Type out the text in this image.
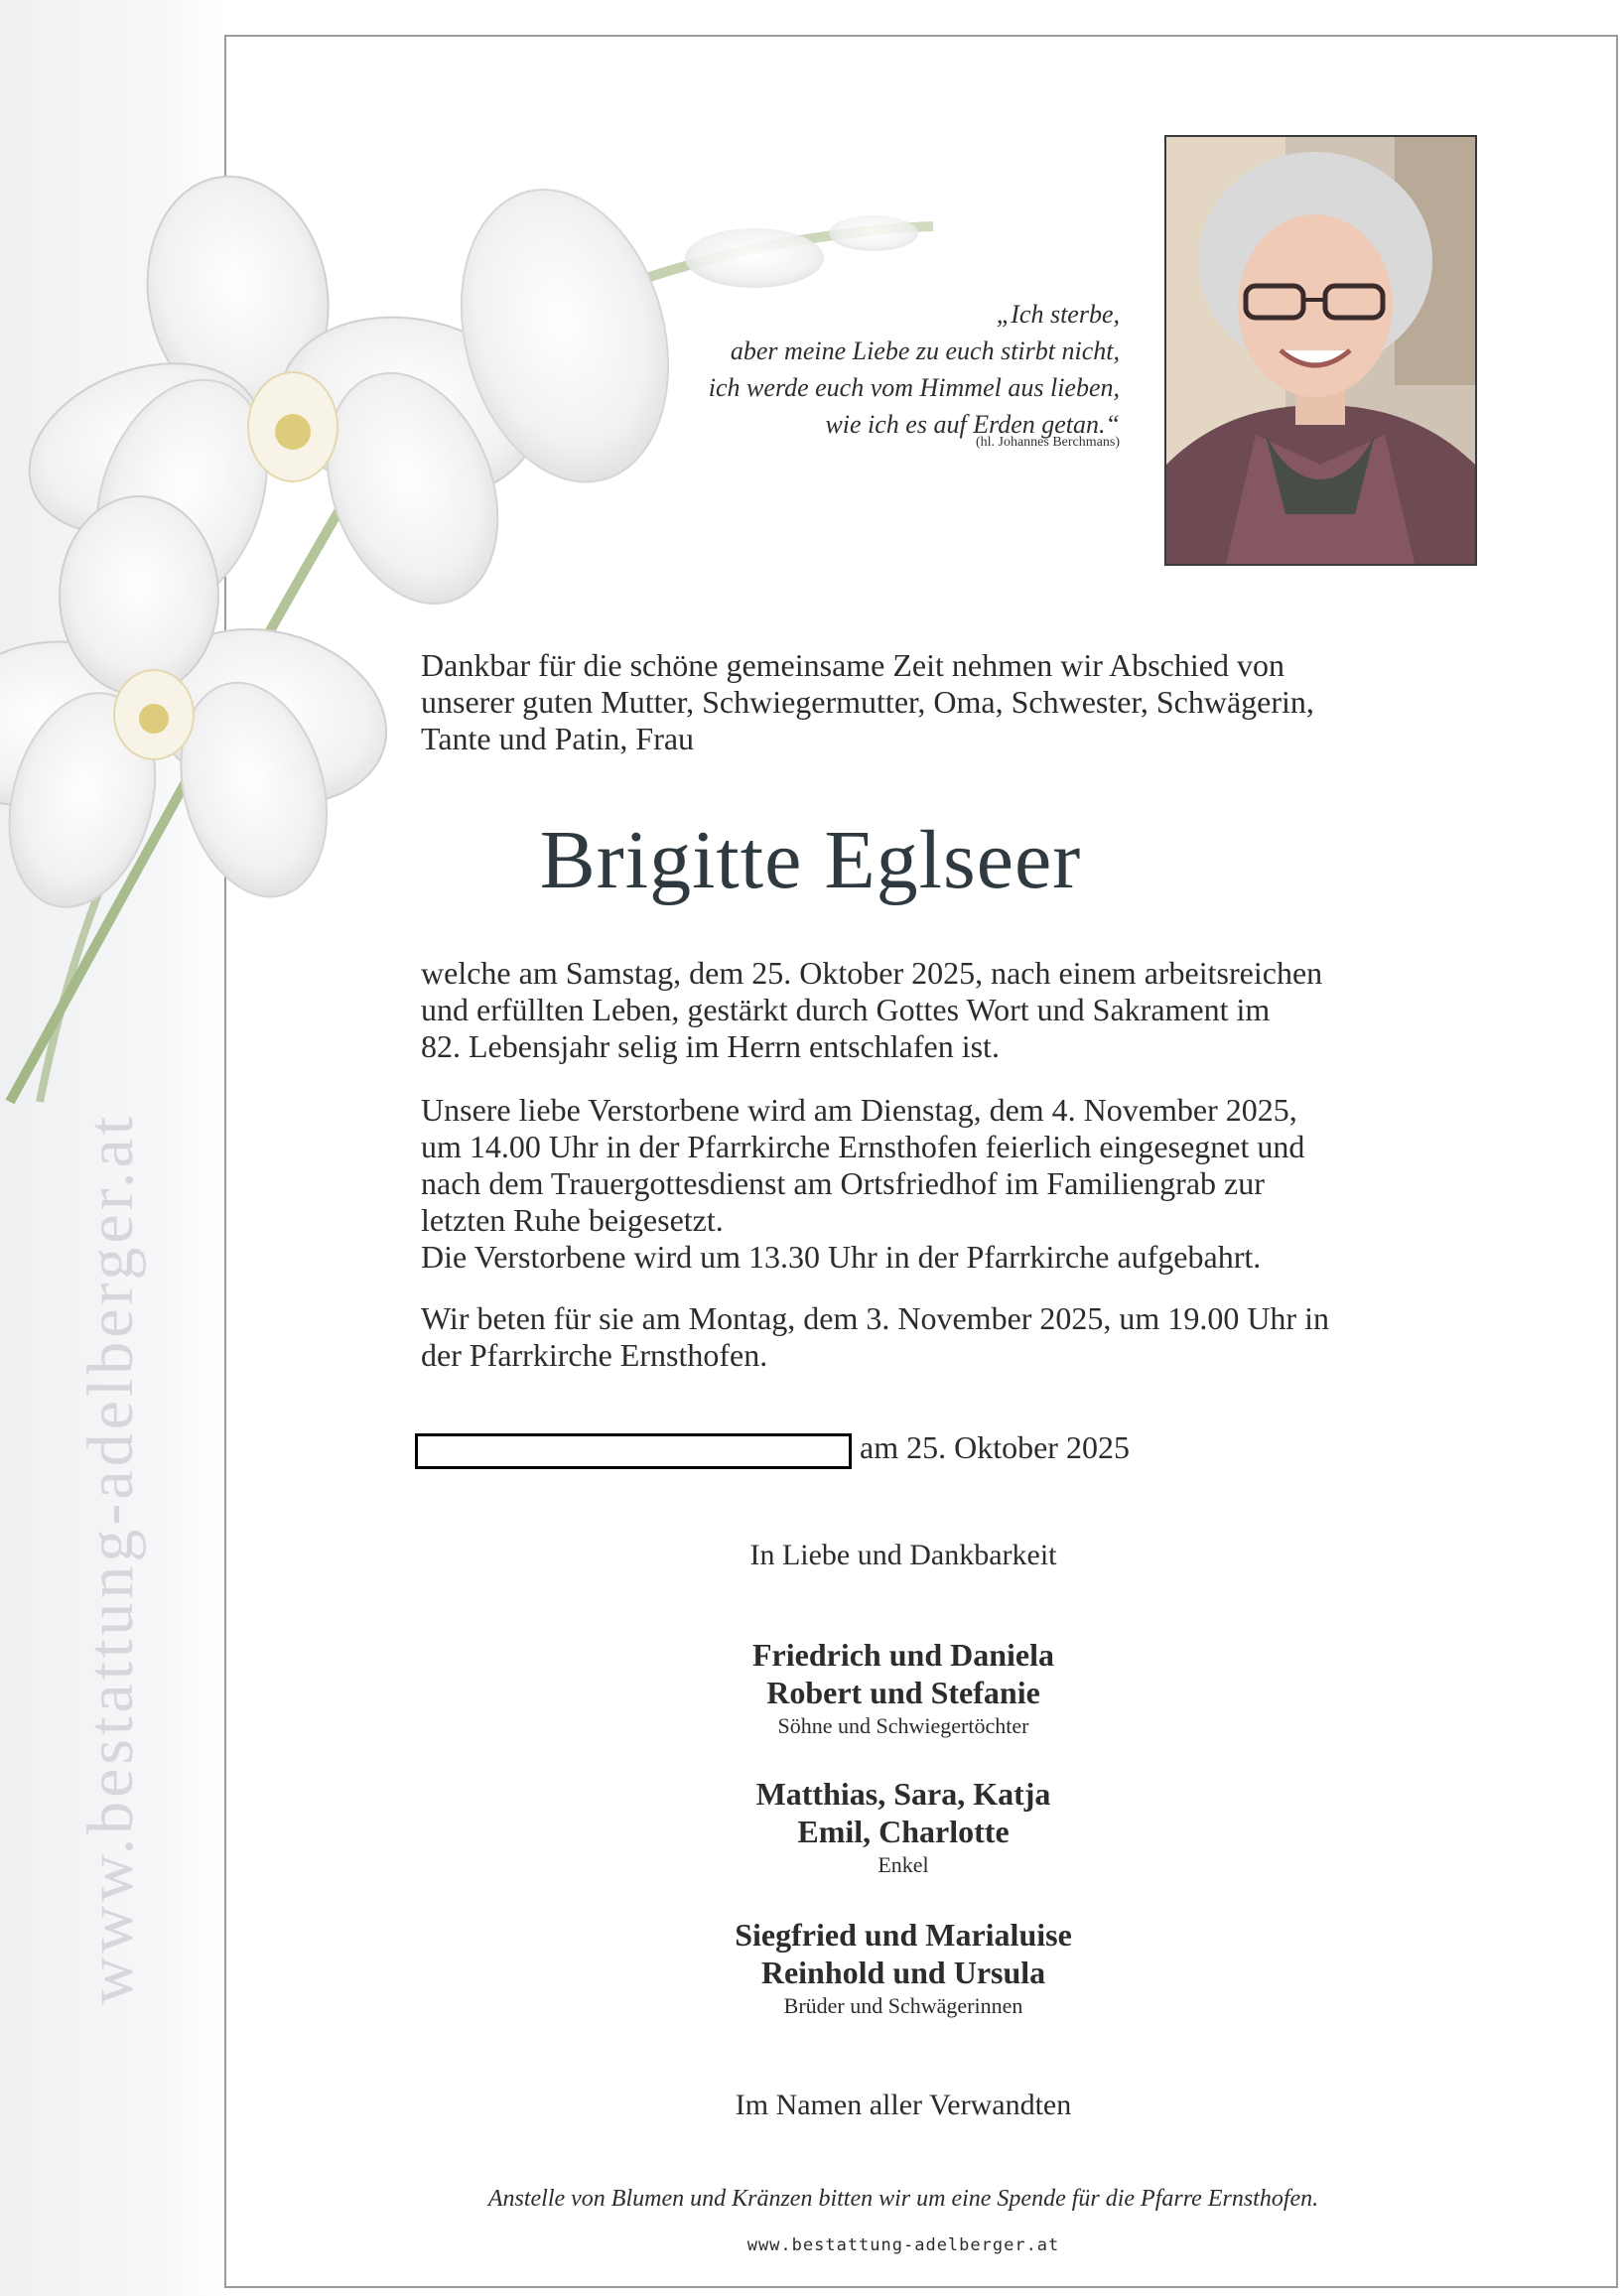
www.bestattung-adelberger.at
„Ich sterbe,
aber meine Liebe zu euch stirbt nicht,
ich werde euch vom Himmel aus lieben,
wie ich es auf Erden getan.“
(hl. Johannes Berchmans)
Dankbar für die schöne gemeinsame Zeit nehmen wir Abschied von
unserer guten Mutter, Schwiegermutter, Oma, Schwester, Schwägerin,
Tante und Patin, Frau
Brigitte Eglseer
welche am Samstag, dem 25. Oktober 2025, nach einem arbeitsreichen
und erfüllten Leben, gestärkt durch Gottes Wort und Sakrament im
82. Lebensjahr selig im Herrn entschlafen ist.
Unsere liebe Verstorbene wird am Dienstag, dem 4. November 2025,
um 14.00 Uhr in der Pfarrkirche Ernsthofen feierlich eingesegnet und
nach dem Trauergottesdienst am Ortsfriedhof im Familiengrab zur
letzten Ruhe beigesetzt.
Die Verstorbene wird um 13.30 Uhr in der Pfarrkirche aufgebahrt.
Wir beten für sie am Montag, dem 3. November 2025, um 19.00 Uhr in
der Pfarrkirche Ernsthofen.
am 25. Oktober 2025
In Liebe und Dankbarkeit
Friedrich und Daniela
Robert und Stefanie
Söhne und Schwiegertöchter
Matthias, Sara, Katja
Emil, Charlotte
Enkel
Siegfried und Marialuise
Reinhold und Ursula
Brüder und Schwägerinnen
Im Namen aller Verwandten
Anstelle von Blumen und Kränzen bitten wir um eine Spende für die Pfarre Ernsthofen.
www.bestattung-adelberger.at
